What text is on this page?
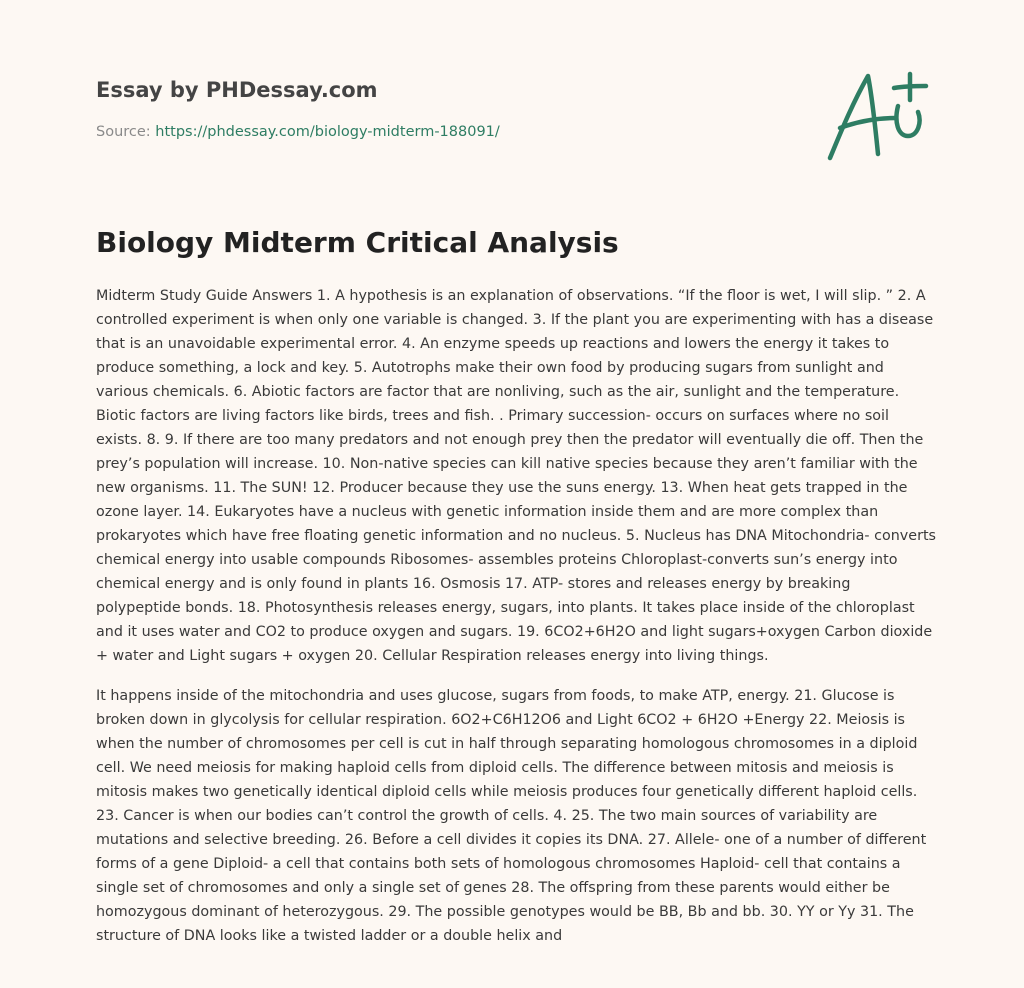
Essay by PHDessay.com
Source: https://phdessay.com/biology-midterm-188091/
Biology Midterm Critical Analysis

Midterm Study Guide Answers 1. A hypothesis is an explanation of observations. “If the floor is wet, I will slip. ” 2. A controlled experiment is when only one variable is changed. 3. If the plant you are experimenting with has a disease that is an unavoidable experimental error. 4. An enzyme speeds up reactions and lowers the energy it takes to produce something, a lock and key. 5. Autotrophs make their own food by producing sugars from sunlight and various chemicals. 6. Abiotic factors are factor that are nonliving, such as the air, sunlight and the temperature. Biotic factors are living factors like birds, trees and fish. . Primary succession- occurs on surfaces where no soil exists. 8. 9. If there are too many predators and not enough prey then the predator will eventually die off. Then the prey’s population will increase. 10. Non-native species can kill native species because they aren’t familiar with the new organisms. 11. The SUN! 12. Producer because they use the suns energy. 13. When heat gets trapped in the ozone layer. 14. Eukaryotes have a nucleus with genetic information inside them and are more complex than prokaryotes which have free floating genetic information and no nucleus. 5. Nucleus has DNA Mitochondria- converts chemical energy into usable compounds Ribosomes- assembles proteins Chloroplast-converts sun’s energy into chemical energy and is only found in plants 16. Osmosis 17. ATP- stores and releases energy by breaking polypeptide bonds. 18. Photosynthesis releases energy, sugars, into plants. It takes place inside of the chloroplast and it uses water and CO2 to produce oxygen and sugars. 19. 6CO2+6H2O and light sugars+oxygen Carbon dioxide + water and Light sugars + oxygen 20. Cellular Respiration releases energy into living things.

It happens inside of the mitochondria and uses glucose, sugars from foods, to make ATP, energy. 21. Glucose is broken down in glycolysis for cellular respiration. 6O2+C6H12O6 and Light 6CO2 + 6H2O +Energy 22. Meiosis is when the number of chromosomes per cell is cut in half through separating homologous chromosomes in a diploid cell. We need meiosis for making haploid cells from diploid cells. The difference between mitosis and meiosis is mitosis makes two genetically identical diploid cells while meiosis produces four genetically different haploid cells. 23. Cancer is when our bodies can’t control the growth of cells. 4. 25. The two main sources of variability are mutations and selective breeding. 26. Before a cell divides it copies its DNA. 27. Allele- one of a number of different forms of a gene Diploid- a cell that contains both sets of homologous chromosomes Haploid- cell that contains a single set of chromosomes and only a single set of genes 28. The offspring from these parents would either be homozygous dominant of heterozygous. 29. The possible genotypes would be BB, Bb and bb. 30. YY or Yy 31. The structure of DNA looks like a twisted ladder or a double helix and
